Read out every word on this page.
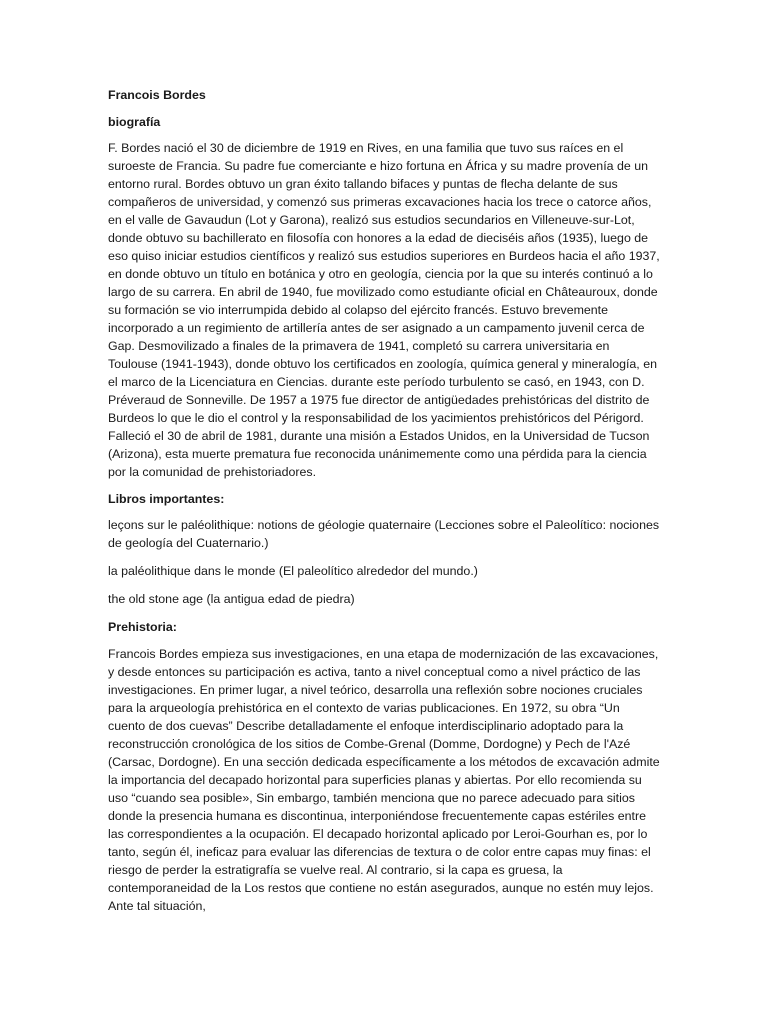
Francois Bordes
biografía

F. Bordes nació el 30 de diciembre de 1919 en Rives, en una familia que tuvo sus raíces en el suroeste de Francia. Su padre fue comerciante e hizo fortuna en África y su madre provenía de un entorno rural. Bordes obtuvo un gran éxito tallando bifaces y puntas de flecha delante de sus compañeros de universidad, y comenzó sus primeras excavaciones hacia los trece o catorce años, en el valle de Gavaudun (Lot y Garona), realizó sus estudios secundarios en Villeneuve-sur-Lot, donde obtuvo su bachillerato en filosofía con honores a la edad de dieciséis años (1935), luego de eso quiso iniciar estudios científicos y realizó sus estudios superiores en Burdeos hacia el año 1937, en donde obtuvo un título en botánica y otro en geología, ciencia por la que su interés continuó a lo largo de su carrera. En abril de 1940, fue movilizado como estudiante oficial en Châteauroux, donde su formación se vio interrumpida debido al colapso del ejército francés. Estuvo brevemente incorporado a un regimiento de artillería antes de ser asignado a un campamento juvenil cerca de Gap. Desmovilizado a finales de la primavera de 1941, completó su carrera universitaria en Toulouse (1941-1943), donde obtuvo los certificados en zoología, química general y mineralogía, en el marco de la Licenciatura en Ciencias. durante este período turbulento se casó, en 1943, con D. Préveraud de Sonneville. De 1957 a 1975 fue director de antigüedades prehistóricas del distrito de Burdeos lo que le dio el control y la responsabilidad de los yacimientos prehistóricos del Périgord. Falleció el 30 de abril de 1981, durante una misión a Estados Unidos, en la Universidad de Tucson (Arizona), esta muerte prematura fue reconocida unánimemente como una pérdida para la ciencia por la comunidad de prehistoriadores.

Libros importantes:

leçons sur le paléolithique: notions de géologie quaternaire (Lecciones sobre el Paleolítico: nociones de geología del Cuaternario.)

la paléolithique dans le monde (El paleolítico alrededor del mundo.)

the old stone age (la antigua edad de piedra)

Prehistoria:

Francois Bordes empieza sus investigaciones, en una etapa de modernización de las excavaciones, y desde entonces su participación es activa, tanto a nivel conceptual como a nivel práctico de las investigaciones. En primer lugar, a nivel teórico, desarrolla una reflexión sobre nociones cruciales para la arqueología prehistórica en el contexto de varias publicaciones. En 1972, su obra “Un cuento de dos cuevas” Describe detalladamente el enfoque interdisciplinario adoptado para la reconstrucción cronológica de los sitios de Combe-Grenal (Domme, Dordogne) y Pech de l'Azé (Carsac, Dordogne). En una sección dedicada específicamente a los métodos de excavación admite la importancia del decapado horizontal para superficies planas y abiertas. Por ello recomienda su uso “cuando sea posible», Sin embargo, también menciona que no parece adecuado para sitios donde la presencia humana es discontinua, interponiéndose frecuentemente capas estériles entre las correspondientes a la ocupación. El decapado horizontal aplicado por Leroi-Gourhan es, por lo tanto, según él, ineficaz para evaluar las diferencias de textura o de color entre capas muy finas: el riesgo de perder la estratigrafía se vuelve real. Al contrario, si la capa es gruesa, la contemporaneidad de la Los restos que contiene no están asegurados, aunque no estén muy lejos. Ante tal situación,
